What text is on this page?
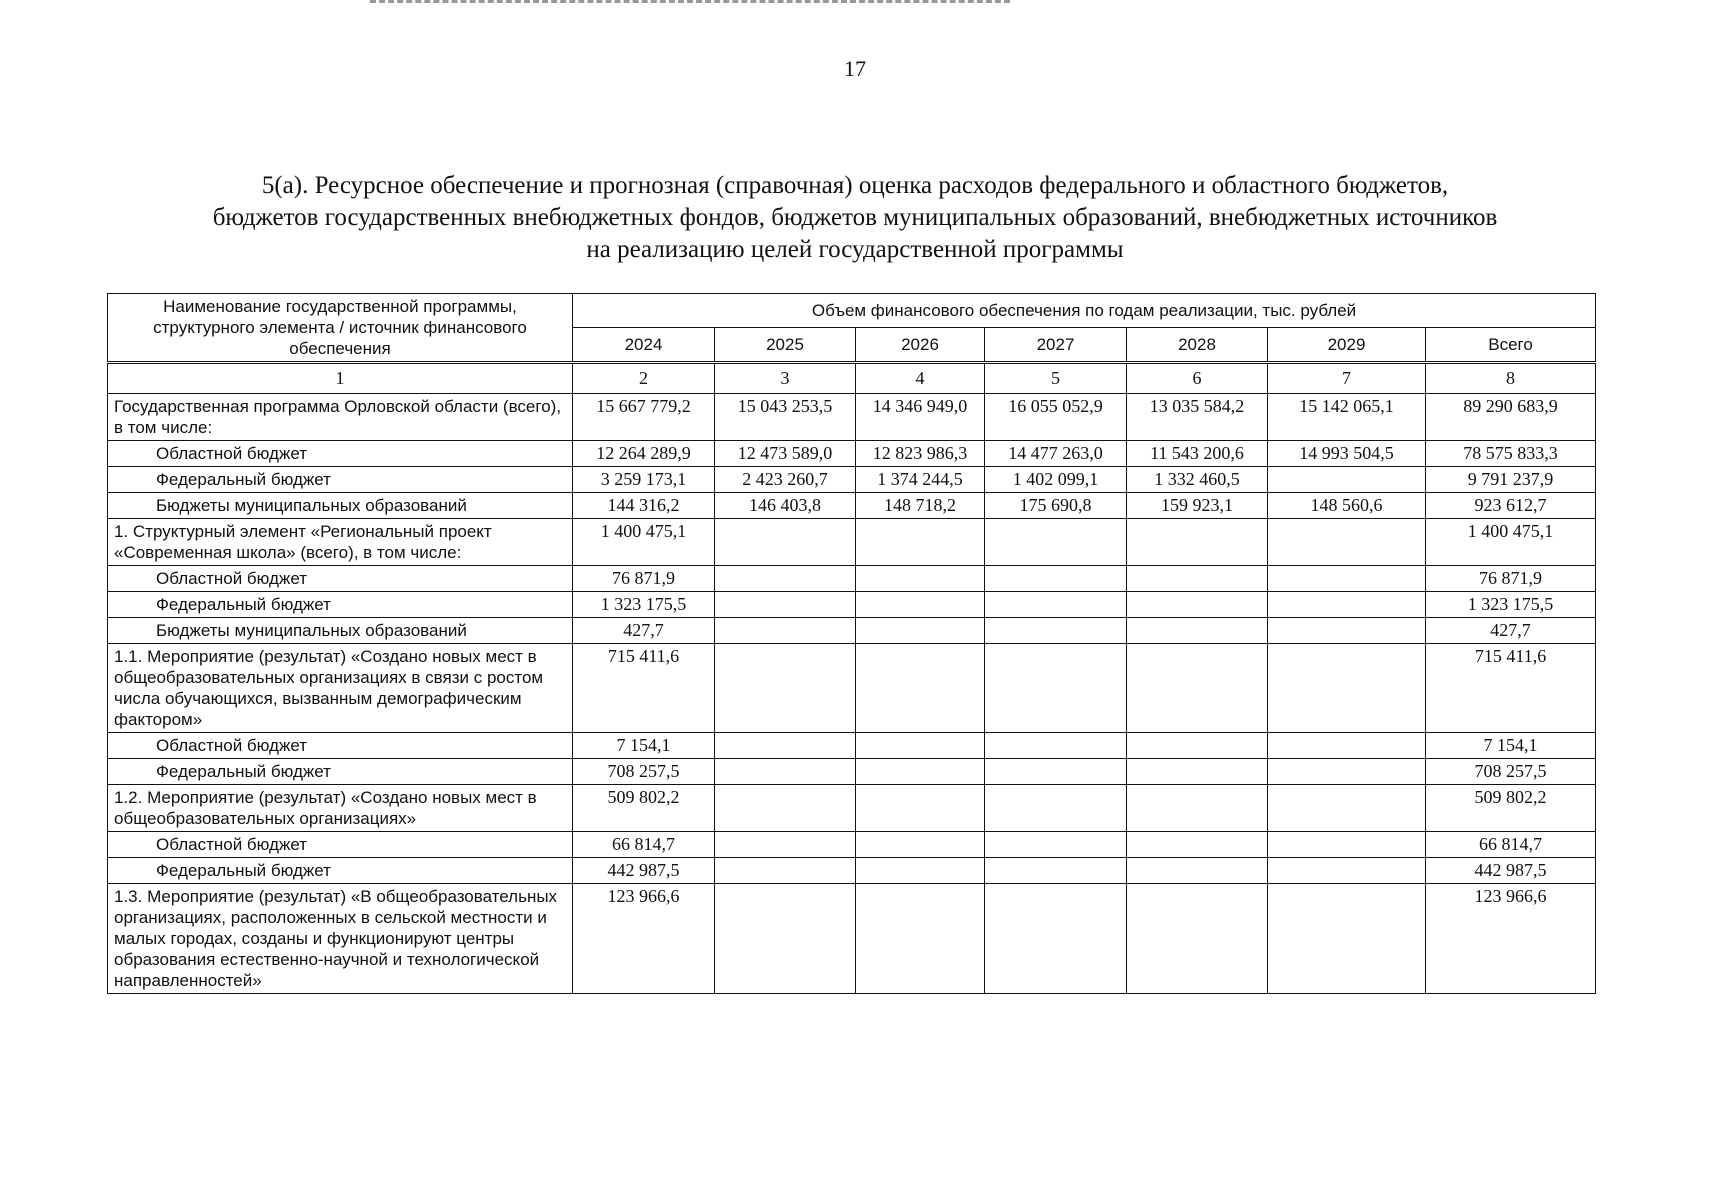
17
5(а). Ресурсное обеспечение и прогнозная (справочная) оценка расходов федерального и областного бюджетов,
бюджетов государственных внебюджетных фондов, бюджетов муниципальных образований, внебюджетных источников
на реализацию целей государственной программы
Наименование государственной программы, структурного элемента / источник финансового обеспечения	Объем финансового обеспечения по годам реализации, тыс. рублей						
	2024	2025	2026	2027	2028	2029	Всего
1	2	3	4	5	6	7	8
Государственная программа Орловской области (всего), в том числе:	15 667 779,2	15 043 253,5	14 346 949,0	16 055 052,9	13 035 584,2	15 142 065,1	89 290 683,9
Областной бюджет	12 264 289,9	12 473 589,0	12 823 986,3	14 477 263,0	11 543 200,6	14 993 504,5	78 575 833,3
Федеральный бюджет	3 259 173,1	2 423 260,7	1 374 244,5	1 402 099,1	1 332 460,5		9 791 237,9
Бюджеты муниципальных образований	144 316,2	146 403,8	148 718,2	175 690,8	159 923,1	148 560,6	923 612,7
1. Структурный элемент «Региональный проект «Современная школа» (всего), в том числе:	1 400 475,1						1 400 475,1
Областной бюджет	76 871,9						76 871,9
Федеральный бюджет	1 323 175,5						1 323 175,5
Бюджеты муниципальных образований	427,7						427,7
1.1. Мероприятие (результат) «Создано новых мест в общеобразовательных организациях в связи с ростом числа обучающихся, вызванным демографическим фактором»	715 411,6						715 411,6
Областной бюджет	7 154,1						7 154,1
Федеральный бюджет	708 257,5						708 257,5
1.2. Мероприятие (результат) «Создано новых мест в общеобразовательных организациях»	509 802,2						509 802,2
Областной бюджет	66 814,7						66 814,7
Федеральный бюджет	442 987,5						442 987,5
1.3. Мероприятие (результат) «В общеобразовательных организациях, расположенных в сельской местности и малых городах, созданы и функционируют центры образования естественно-научной и технологической направленностей»	123 966,6						123 966,6
